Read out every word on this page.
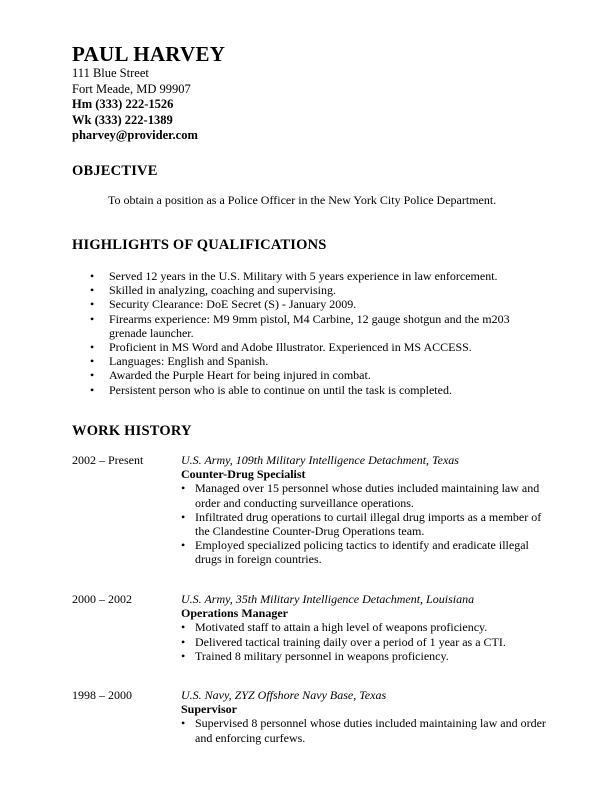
PAUL HARVEY
111 Blue Street
Fort Meade, MD 99907
Hm (333) 222-1526
Wk (333) 222-1389
pharvey@provider.com
OBJECTIVE
To obtain a position as a Police Officer in the New York City Police Department.
HIGHLIGHTS OF QUALIFICATIONS
• Served 12 years in the U.S. Military with 5 years experience in law enforcement.
• Skilled in analyzing, coaching and supervising.
• Security Clearance: DoE Secret (S) - January 2009.
• Firearms experience: M9 9mm pistol, M4 Carbine, 12 gauge shotgun and the m203 grenade launcher.
• Proficient in MS Word and Adobe Illustrator. Experienced in MS ACCESS.
• Languages: English and Spanish.
• Awarded the Purple Heart for being injured in combat.
• Persistent person who is able to continue on until the task is completed.
WORK HISTORY
2002 – Present	U.S. Army, 109th Military Intelligence Detachment, Texas
Counter-Drug Specialist
• Managed over 15 personnel whose duties included maintaining law and order and conducting surveillance operations.
• Infiltrated drug operations to curtail illegal drug imports as a member of the Clandestine Counter-Drug Operations team.
• Employed specialized policing tactics to identify and eradicate illegal drugs in foreign countries.
2000 – 2002	U.S. Army, 35th Military Intelligence Detachment, Louisiana
Operations Manager
• Motivated staff to attain a high level of weapons proficiency.
• Delivered tactical training daily over a period of 1 year as a CTI.
• Trained 8 military personnel in weapons proficiency.
1998 – 2000	U.S. Navy, ZYZ Offshore Navy Base, Texas
Supervisor
• Supervised 8 personnel whose duties included maintaining law and order and enforcing curfews.
